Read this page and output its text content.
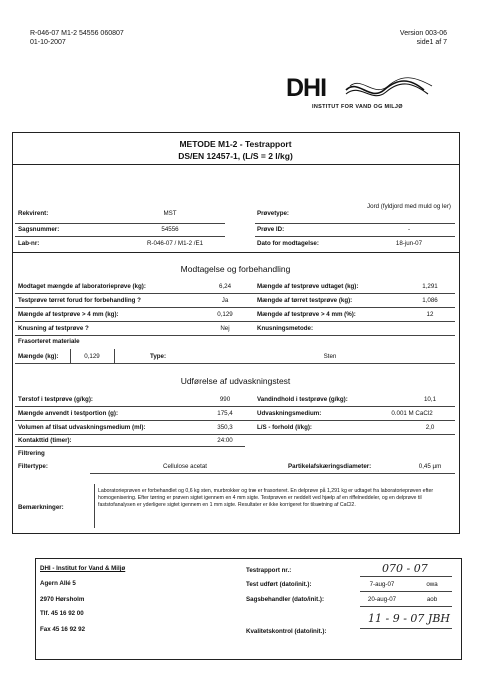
R-046-07 M1-2 54556 060807
01-10-2007
Version 003-06
side1 af 7
DHI
INSTITUT FOR VAND OG MILJØ
METODE M1-2 - Testrapport
DS/EN 12457-1, (L/S = 2 l/kg)
Rekvirent:	MST	Prøvetype:
Jord (fyldjord med muld og ler)
Sagsnummer:	54556	Prøve ID:	-
Lab-nr:	R-046-07 / M1-2 /E1	Dato for modtagelse:	18-jun-07
Modtagelse og forbehandling
Modtaget mængde af laboratorieprøve (kg):	6,24	Mængde af testprøve udtaget (kg):	1,291
Testprøve tørret forud for forbehandling ?	Ja	Mængde af tørret testprøve (kg):	1,086
Mængde af testprøve > 4 mm (kg):	0,129	Mængde af testprøve > 4 mm (%):	12
Knusning af testprøve ?	Nej	Knusningsmetode:
Frasorteret materiale
Mængde (kg):	0,129	Type:	Sten
Udførelse af udvaskningstest
Tørstof i testprøve (g/kg):	990	Vandindhold i testprøve (g/kg):	10,1
Mængde anvendt i testportion (g):	175,4	Udvaskningsmedium:	0.001 M CaCl2
Volumen af tilsat udvaskningsmedium (ml):	350,3	L/S - forhold (l/kg):	2,0
Kontakttid (timer):	24:00
Filtrering
Filtertype:	Cellulose acetat	Partikelafskæringsdiameter:	0,45 µm
Bemærkninger:
Laboratorieprøven er forbehandlet og 0,6 kg sten, murbrokker og træ er frasorteret. En delprøve på 1,291 kg er udtaget fra laboratorieprøven efter homogenisering. Efter tørring er prøven sigtet igennem en 4 mm sigte. Testprøven er neddelt ved hjælp af en riffelneddeler, og en delprøve til faststofanalysen er yderligere sigtet igennem en 1 mm sigte. Resultater er ikke korrigeret for tilsætning af CaCl2.
DHI - Institut for Vand & Miljø
Agern Allé 5
2970 Hørsholm
Tlf. 45 16 92 00
Fax 45 16 92 92
Testrapport nr.:	070 - 07
Test udført (dato/init.):	7-aug-07	owa
Sagsbehandler (dato/init.):	20-aug-07	aob
11 - 9 - 07 JBH
Kvalitetskontrol (dato/init.):
